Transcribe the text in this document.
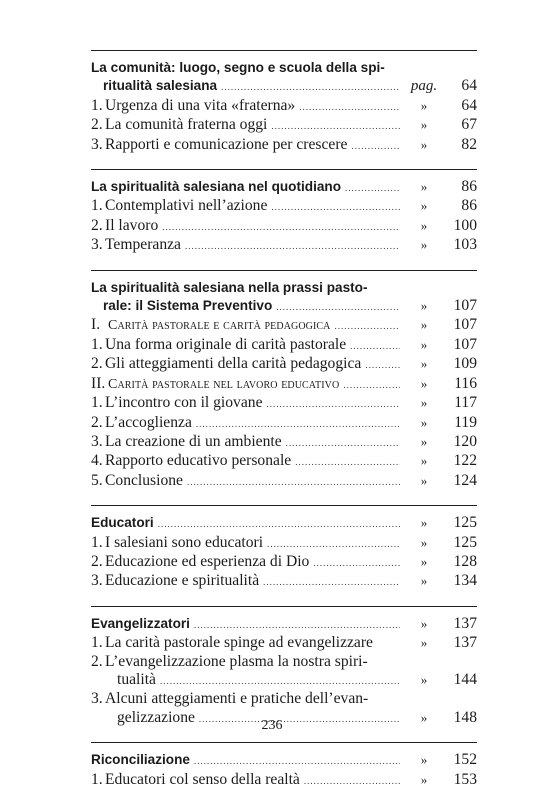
La comunità: luogo, segno e scuola della spi-
ritualità salesiana .....	pag.	64
1. Urgenza di una vita «fraterna» .....	»	64
2. La comunità fraterna oggi .....	»	67
3. Rapporti e comunicazione per crescere .....	»	82
La spiritualità salesiana nel quotidiano .....	»	86
1. Contemplativi nell’azione .....	»	86
2. Il lavoro .....	»	100
3. Temperanza .....	»	103
La spiritualità salesiana nella prassi pasto-
rale: il Sistema Preventivo .....	»	107
I. Carità pastorale e carità pedagogica .....	»	107
1. Una forma originale di carità pastorale .....	»	107
2. Gli atteggiamenti della carità pedagogica .....	»	109
II. Carità pastorale nel lavoro educativo .....	»	116
1. L’incontro con il giovane .....	»	117
2. L’accoglienza .....	»	119
3. La creazione di un ambiente .....	»	120
4. Rapporto educativo personale .....	»	122
5. Conclusione .....	»	124
Educatori .....	»	125
1. I salesiani sono educatori .....	»	125
2. Educazione ed esperienza di Dio .....	»	128
3. Educazione e spiritualità .....	»	134
Evangelizzatori .....	»	137
1. La carità pastorale spinge ad evangelizzare	»	137
2. L’evangelizzazione plasma la nostra spiri-
tualità .....	»	144
3. Alcuni atteggiamenti e pratiche dell’evan-
gelizzazione .....	»	148
Riconciliazione .....	»	152
1. Educatori col senso della realtà .....	»	153
236
